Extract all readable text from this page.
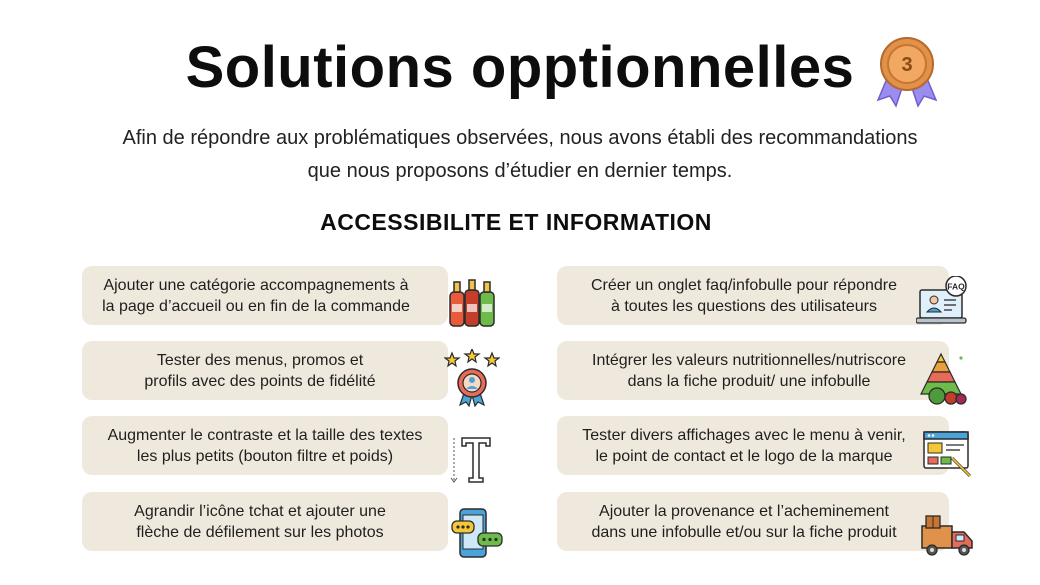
Solutions opptionnelles	3
Afin de répondre aux problématiques observées, nous avons établi des recommandations
que nous proposons d’étudier en dernier temps.
ACCESSIBILITE ET INFORMATION
Ajouter une catégorie accompagnements à
la page d’accueil ou en fin de la commande
Tester des menus, promos et
profils avec des points de fidélité
Augmenter le contraste et la taille des textes
les plus petits (bouton filtre et poids)
Agrandir l’icône tchat et ajouter une
flèche de défilement sur les photos
Créer un onglet faq/infobulle pour répondre
à toutes les questions des utilisateurs
FAQ
Intégrer les valeurs nutritionnelles/nutriscore
dans la fiche produit/ une infobulle
Tester divers affichages avec le menu à venir,
le point de contact et le logo de la marque
Ajouter la provenance et l’acheminement
dans une infobulle et/ou sur la fiche produit
